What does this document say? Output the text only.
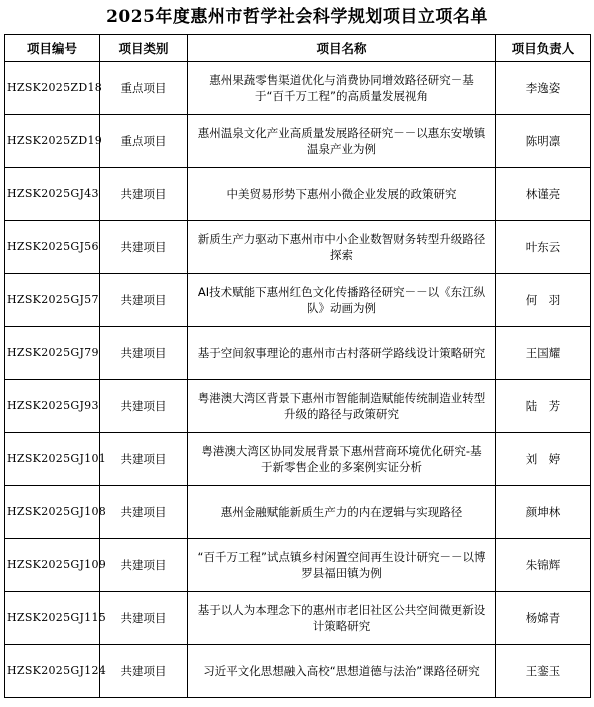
2025年度惠州市哲学社会科学规划项目立项名单
项目编号	项目类别	项目名称	项目负责人
HZSK2025ZD18	重点项目	惠州果蔬零售渠道优化与消费协同增效路径研究－基于“百千万工程”的高质量发展视角	李逸姿
HZSK2025ZD19	重点项目	惠州温泉文化产业高质量发展路径研究－－以惠东安墩镇温泉产业为例	陈明凛
HZSK2025GJ43	共建项目	中美贸易形势下惠州小微企业发展的政策研究	林谨亮
HZSK2025GJ56	共建项目	新质生产力驱动下惠州市中小企业数智财务转型升级路径探索	叶东云
HZSK2025GJ57	共建项目	AI技术赋能下惠州红色文化传播路径研究－－以《东江纵队》动画为例	何　羽
HZSK2025GJ79	共建项目	基于空间叙事理论的惠州市古村落研学路线设计策略研究	王国耀
HZSK2025GJ93	共建项目	粤港澳大湾区背景下惠州市智能制造赋能传统制造业转型升级的路径与政策研究	陆　芳
HZSK2025GJ101	共建项目	粤港澳大湾区协同发展背景下惠州营商环境优化研究-基于新零售企业的多案例实证分析	刘　婷
HZSK2025GJ108	共建项目	惠州金融赋能新质生产力的内在逻辑与实现路径	颜坤林
HZSK2025GJ109	共建项目	“百千万工程”试点镇乡村闲置空间再生设计研究－－以博罗县福田镇为例	朱锦辉
HZSK2025GJ115	共建项目	基于以人为本理念下的惠州市老旧社区公共空间微更新设计策略研究	杨嫦青
HZSK2025GJ124	共建项目	习近平文化思想融入高校“思想道德与法治”课路径研究	王銮玉
